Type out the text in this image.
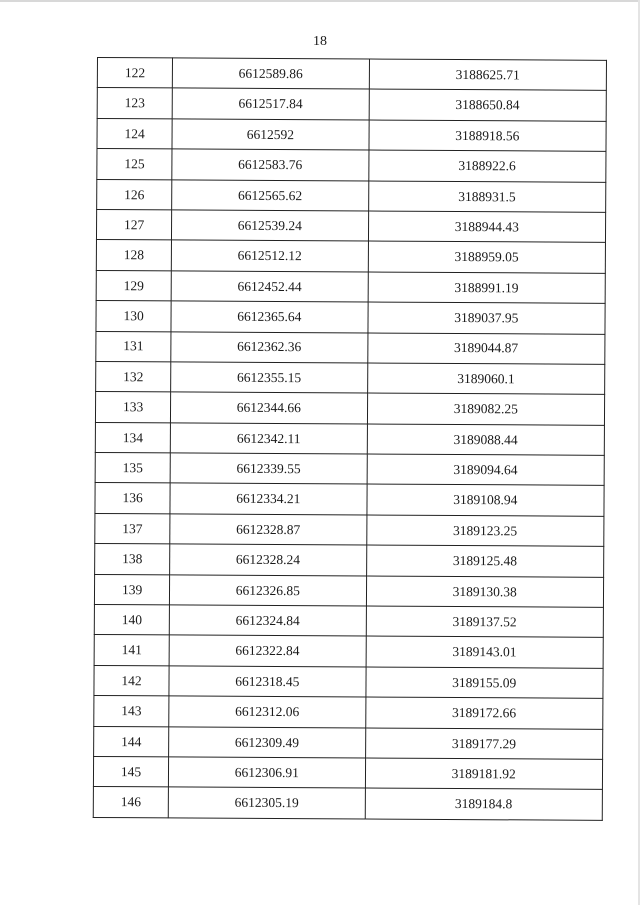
18
122	6612589.86	3188625.71
123	6612517.84	3188650.84
124	6612592	3188918.56
125	6612583.76	3188922.6
126	6612565.62	3188931.5
127	6612539.24	3188944.43
128	6612512.12	3188959.05
129	6612452.44	3188991.19
130	6612365.64	3189037.95
131	6612362.36	3189044.87
132	6612355.15	3189060.1
133	6612344.66	3189082.25
134	6612342.11	3189088.44
135	6612339.55	3189094.64
136	6612334.21	3189108.94
137	6612328.87	3189123.25
138	6612328.24	3189125.48
139	6612326.85	3189130.38
140	6612324.84	3189137.52
141	6612322.84	3189143.01
142	6612318.45	3189155.09
143	6612312.06	3189172.66
144	6612309.49	3189177.29
145	6612306.91	3189181.92
146	6612305.19	3189184.8
